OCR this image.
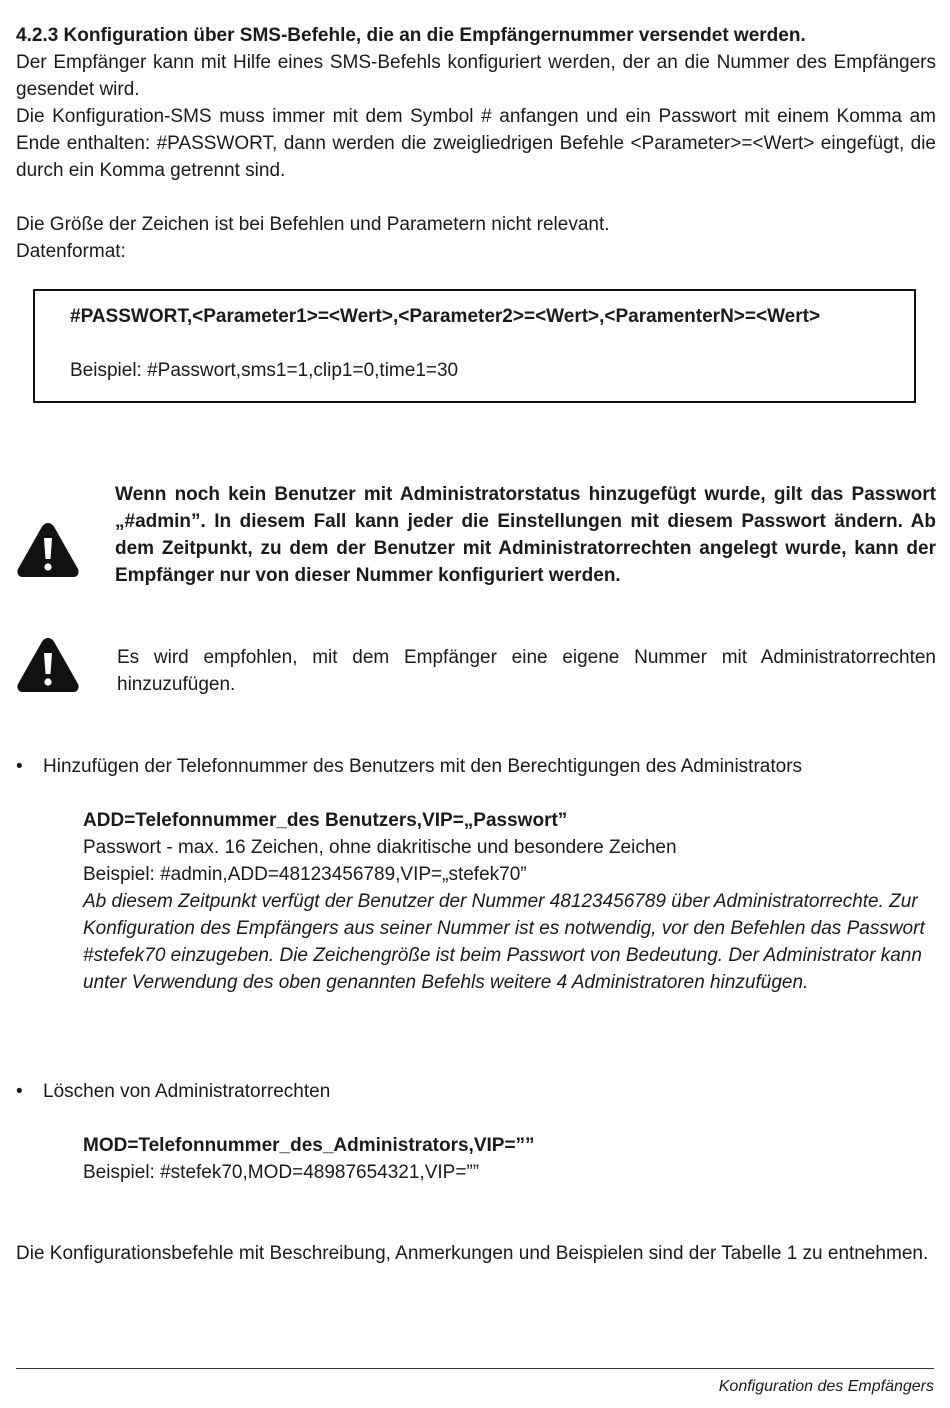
4.2.3 Konfiguration über SMS-Befehle, die an die Empfängernummer versendet werden.

Der Empfänger kann mit Hilfe eines SMS-Befehls konfiguriert werden, der an die Nummer des Empfängers gesendet wird.

Die Konfiguration-SMS muss immer mit dem Symbol # anfangen und ein Passwort mit einem Komma am Ende enthalten: #PASSWORT, dann werden die zweigliedrigen Befehle <Parameter>=<Wert> eingefügt, die durch ein Komma getrennt sind.

Die Größe der Zeichen ist bei Befehlen und Parametern nicht relevant.

Datenformat:

#PASSWORT,<Parameter1>=<Wert>,<Parameter2>=<Wert>,<ParamenterN>=<Wert>

Beispiel: #Passwort,sms1=1,clip1=0,time1=30

Wenn noch kein Benutzer mit Administratorstatus hinzugefügt wurde, gilt das Passwort „#admin”. In diesem Fall kann jeder die Einstellungen mit diesem Passwort ändern. Ab dem Zeitpunkt, zu dem der Benutzer mit Administratorrechten angelegt wurde, kann der Empfänger nur von dieser Nummer konfiguriert werden.

Es wird empfohlen, mit dem Empfänger eine eigene Nummer mit Administratorrechten hinzuzufügen.

• Hinzufügen der Telefonnummer des Benutzers mit den Berechtigungen des Administrators

ADD=Telefonnummer_des Benutzers,VIP=„Passwort”

Passwort - max. 16 Zeichen, ohne diakritische und besondere Zeichen

Beispiel: #admin,ADD=48123456789,VIP=„stefek70”

Ab diesem Zeitpunkt verfügt der Benutzer der Nummer 48123456789 über Administratorrechte. Zur Konfiguration des Empfängers aus seiner Nummer ist es notwendig, vor den Befehlen das Passwort #stefek70 einzugeben. Die Zeichengröße ist beim Passwort von Bedeutung. Der Administrator kann unter Verwendung des oben genannten Befehls weitere 4 Administratoren hinzufügen.

• Löschen von Administratorrechten

MOD=Telefonnummer_des_Administrators,VIP=””

Beispiel: #stefek70,MOD=48987654321,VIP=””

Die Konfigurationsbefehle mit Beschreibung, Anmerkungen und Beispielen sind der Tabelle 1 zu entnehmen.

Konfiguration des Empfängers
